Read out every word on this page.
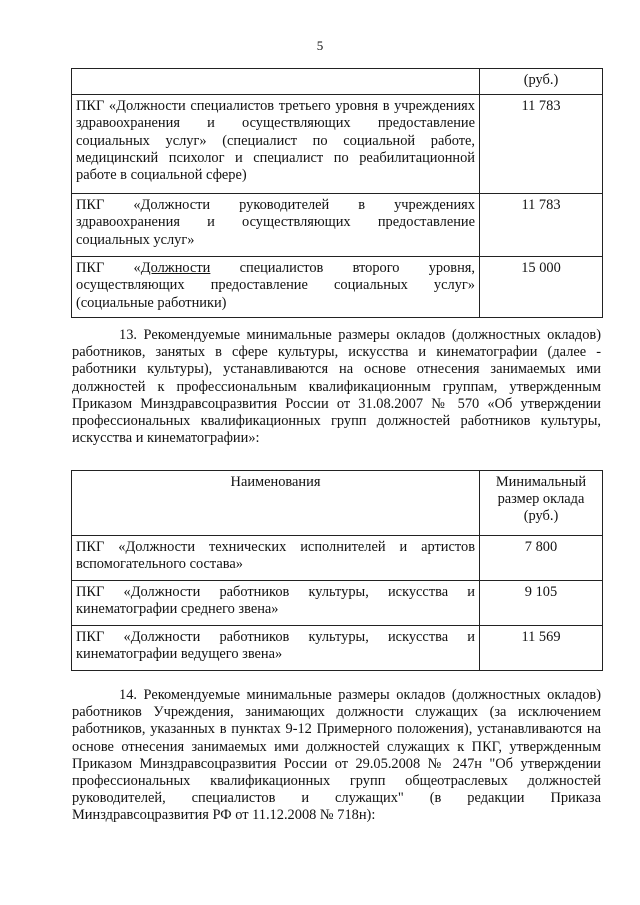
5
	(руб.)
ПКГ «Должности специалистов третьего уровня в учреждениях здравоохранения и осуществляющих предоставление социальных услуг» (специалист по социальной работе, медицинский психолог и специалист по реабилитационной работе в социальной сфере)	11 783
ПКГ «Должности руководителей в учреждениях здравоохранения и осуществляющих предоставление социальных услуг»	11 783
ПКГ «Должности специалистов второго уровня, осуществляющих предоставление социальных услуг» (социальные работники)	15 000

13. Рекомендуемые минимальные размеры окладов (должностных окладов) работников, занятых в сфере культуры, искусства и кинематографии (далее - работники культуры), устанавливаются на основе отнесения занимаемых ими должностей к профессиональным квалификационным группам, утвержденным Приказом Минздравсоцразвития России от 31.08.2007 № 570 «Об утверждении профессиональных квалификационных групп должностей работников культуры, искусства и кинематографии»:

Наименования	Минимальный размер оклада (руб.)
ПКГ «Должности технических исполнителей и артистов вспомогательного состава»	7 800
ПКГ «Должности работников культуры, искусства и кинематографии среднего звена»	9 105
ПКГ «Должности работников культуры, искусства и кинематографии ведущего звена»	11 569

14. Рекомендуемые минимальные размеры окладов (должностных окладов) работников Учреждения, занимающих должности служащих (за исключением работников, указанных в пунктах 9-12 Примерного положения), устанавливаются на основе отнесения занимаемых ими должностей служащих к ПКГ, утвержденным Приказом Минздравсоцразвития России от 29.05.2008 № 247н "Об утверждении профессиональных квалификационных групп общеотраслевых должностей руководителей, специалистов и служащих" (в редакции Приказа Минздравсоцразвития РФ от 11.12.2008 № 718н):
